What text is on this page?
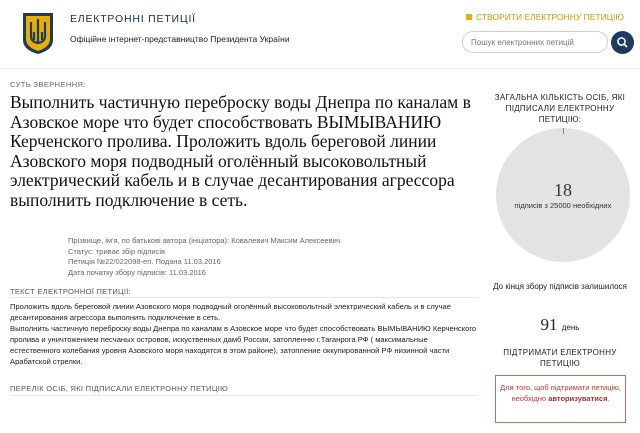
ЕЛЕКТРОННІ ПЕТИЦІЇ
Офіційне інтернет-представництво Президента України
СТВОРИТИ ЕЛЕКТРОННУ ПЕТИЦІЮ
Пошук електронних петицій
СУТЬ ЗВЕРНЕННЯ:
Выполнить частичную переброску воды Днепра по каналам в Азовское море что будет способствовать ВЫМЫВАНИЮ Керченского пролива. Проложить вдоль береговой линии Азовского моря подводный оголённый высоковольтный электрический кабель и в случае десантирования агрессора выполнить подключение в сеть.
Прізвище, ім'я, по батькові автора (ініціатора): Ковалевич Максим Алексеевич
Статус: триває збір підписів
Петиція №22/022098-еп. Подана 11.03.2016
Дата початку збору підписів: 11.03.2016
ТЕКСТ ЕЛЕКТРОННОЇ ПЕТИЦІЇ:
Проложить вдоль береговой линии Азовского моря подводный оголённый высоковольтный электрический кабель и в случае десантирования агрессора выполнить подключение в сеть.
Выполнить частичную переброску воды Днепра по каналам в Азовское море что будет способствовать ВЫМЫВАНИЮ Керченского пролива и уничтожением песчаных островов, искуственных дамб России, затопленню г.Таганрога РФ ( максимальные естественного колебания уровня Азовского моря находятся в этом районе), затопление оккупированной РФ низинной части Арабатской стрелки.
ПЕРЕЛІК ОСІБ, ЯКІ ПІДПИСАЛИ ЕЛЕКТРОННУ ПЕТИЦІЮ
ЗАГАЛЬНА КІЛЬКІСТЬ ОСІБ, ЯКІ ПІДПИСАЛИ ЕЛЕКТРОННУ ПЕТИЦІЮ:
18
підписів з 25000 необхідних
До кінця збору підписів залишилося
91 день
ПІДТРИМАТИ ЕЛЕКТРОННУ ПЕТИЦІЮ
Для того, щоб підтримати петицію, необхідно авторизуватися.
